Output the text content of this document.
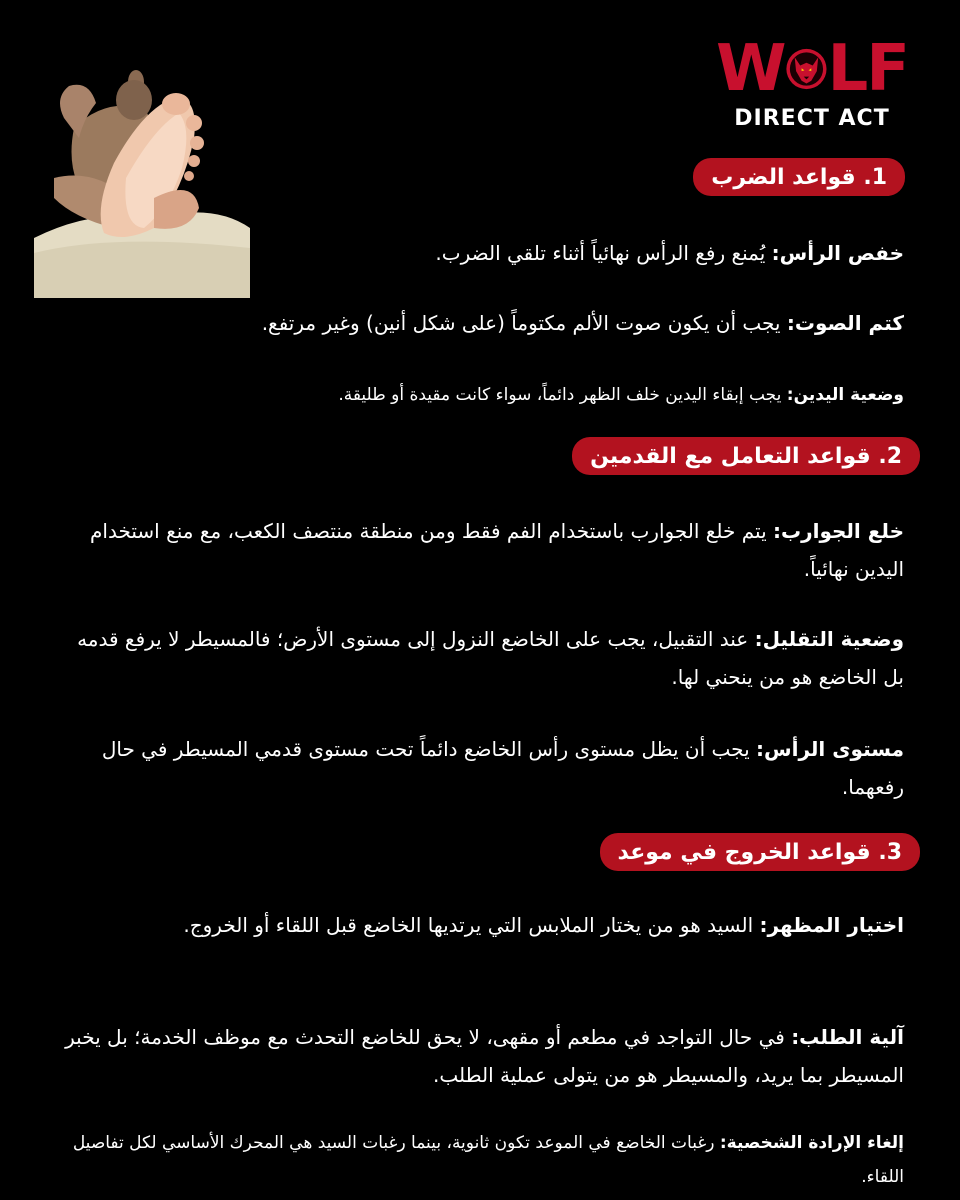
W LF
DIRECT ACT
1. قواعد الضرب
خفص الرأس: يُمنع رفع الرأس نهائياً أثناء تلقي الضرب.
كتم الصوت: يجب أن يكون صوت الألم مكتوماً (على شكل أنين) وغير مرتفع.
وضعية اليدين: يجب إبقاء اليدين خلف الظهر دائماً، سواء كانت مقيدة أو طليقة.
2. قواعد التعامل مع القدمين
خلع الجوارب: يتم خلع الجوارب باستخدام الفم فقط ومن منطقة منتصف الكعب، مع منع استخدام اليدين نهائياً.
وضعية التقليل: عند التقبيل، يجب على الخاضع النزول إلى مستوى الأرض؛ فالمسيطر لا يرفع قدمه بل الخاضع هو من ينحني لها.
مستوى الرأس: يجب أن يظل مستوى رأس الخاضع دائماً تحت مستوى قدمي المسيطر في حال رفعهما.
3. قواعد الخروج في موعد
اختيار المظهر: السيد هو من يختار الملابس التي يرتديها الخاضع قبل اللقاء أو الخروج.
آلية الطلب: في حال التواجد في مطعم أو مقهى، لا يحق للخاضع التحدث مع موظف الخدمة؛ بل يخبر المسيطر بما يريد، والمسيطر هو من يتولى عملية الطلب.
إلغاء الإرادة الشخصية: رغبات الخاضع في الموعد تكون ثانوية، بينما رغبات السيد هي المحرك الأساسي لكل تفاصيل اللقاء.
